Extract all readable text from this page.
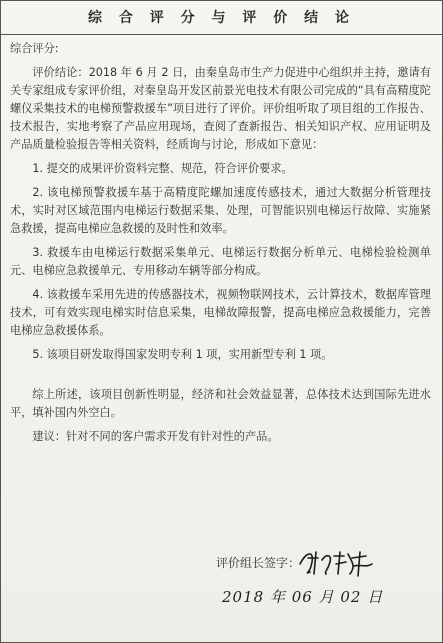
综 合 评 分 与 评 价 结 论

综合评分:

评价结论：2018 年 6 月 2 日，由秦皇岛市生产力促进中心组织并主持，邀请有关专家组成专家评价组，对秦皇岛开发区前景光电技术有限公司完成的“具有高精度陀螺仪采集技术的电梯预警救援车”项目进行了评价。评价组听取了项目组的工作报告、技术报告，实地考察了产品应用现场，查阅了查新报告、相关知识产权、应用证明及产品质量检验报告等相关资料，经质询与讨论，形成如下意见：

1. 提交的成果评价资料完整、规范，符合评价要求。

2. 该电梯预警救援车基于高精度陀螺加速度传感技术，通过大数据分析管理技术，实时对区域范围内电梯运行数据采集、处理，可智能识别电梯运行故障、实施紧急救援，提高电梯应急救援的及时性和效率。

3. 救援车由电梯运行数据采集单元、电梯运行数据分析单元、电梯检验检测单元、电梯应急救援单元、专用移动车辆等部分构成。

4. 该救援车采用先进的传感器技术，视频物联网技术，云计算技术，数据库管理技术，可有效实现电梯实时信息采集，电梯故障报警，提高电梯应急救援能力，完善电梯应急救援体系。

5. 该项目研发取得国家发明专利 1 项，实用新型专利 1 项。

综上所述，该项目创新性明显，经济和社会效益显著，总体技术达到国际先进水平，填补国内外空白。

建议：针对不同的客户需求开发有针对性的产品。

评价组长签字：
2018 年 06 月 02 日
